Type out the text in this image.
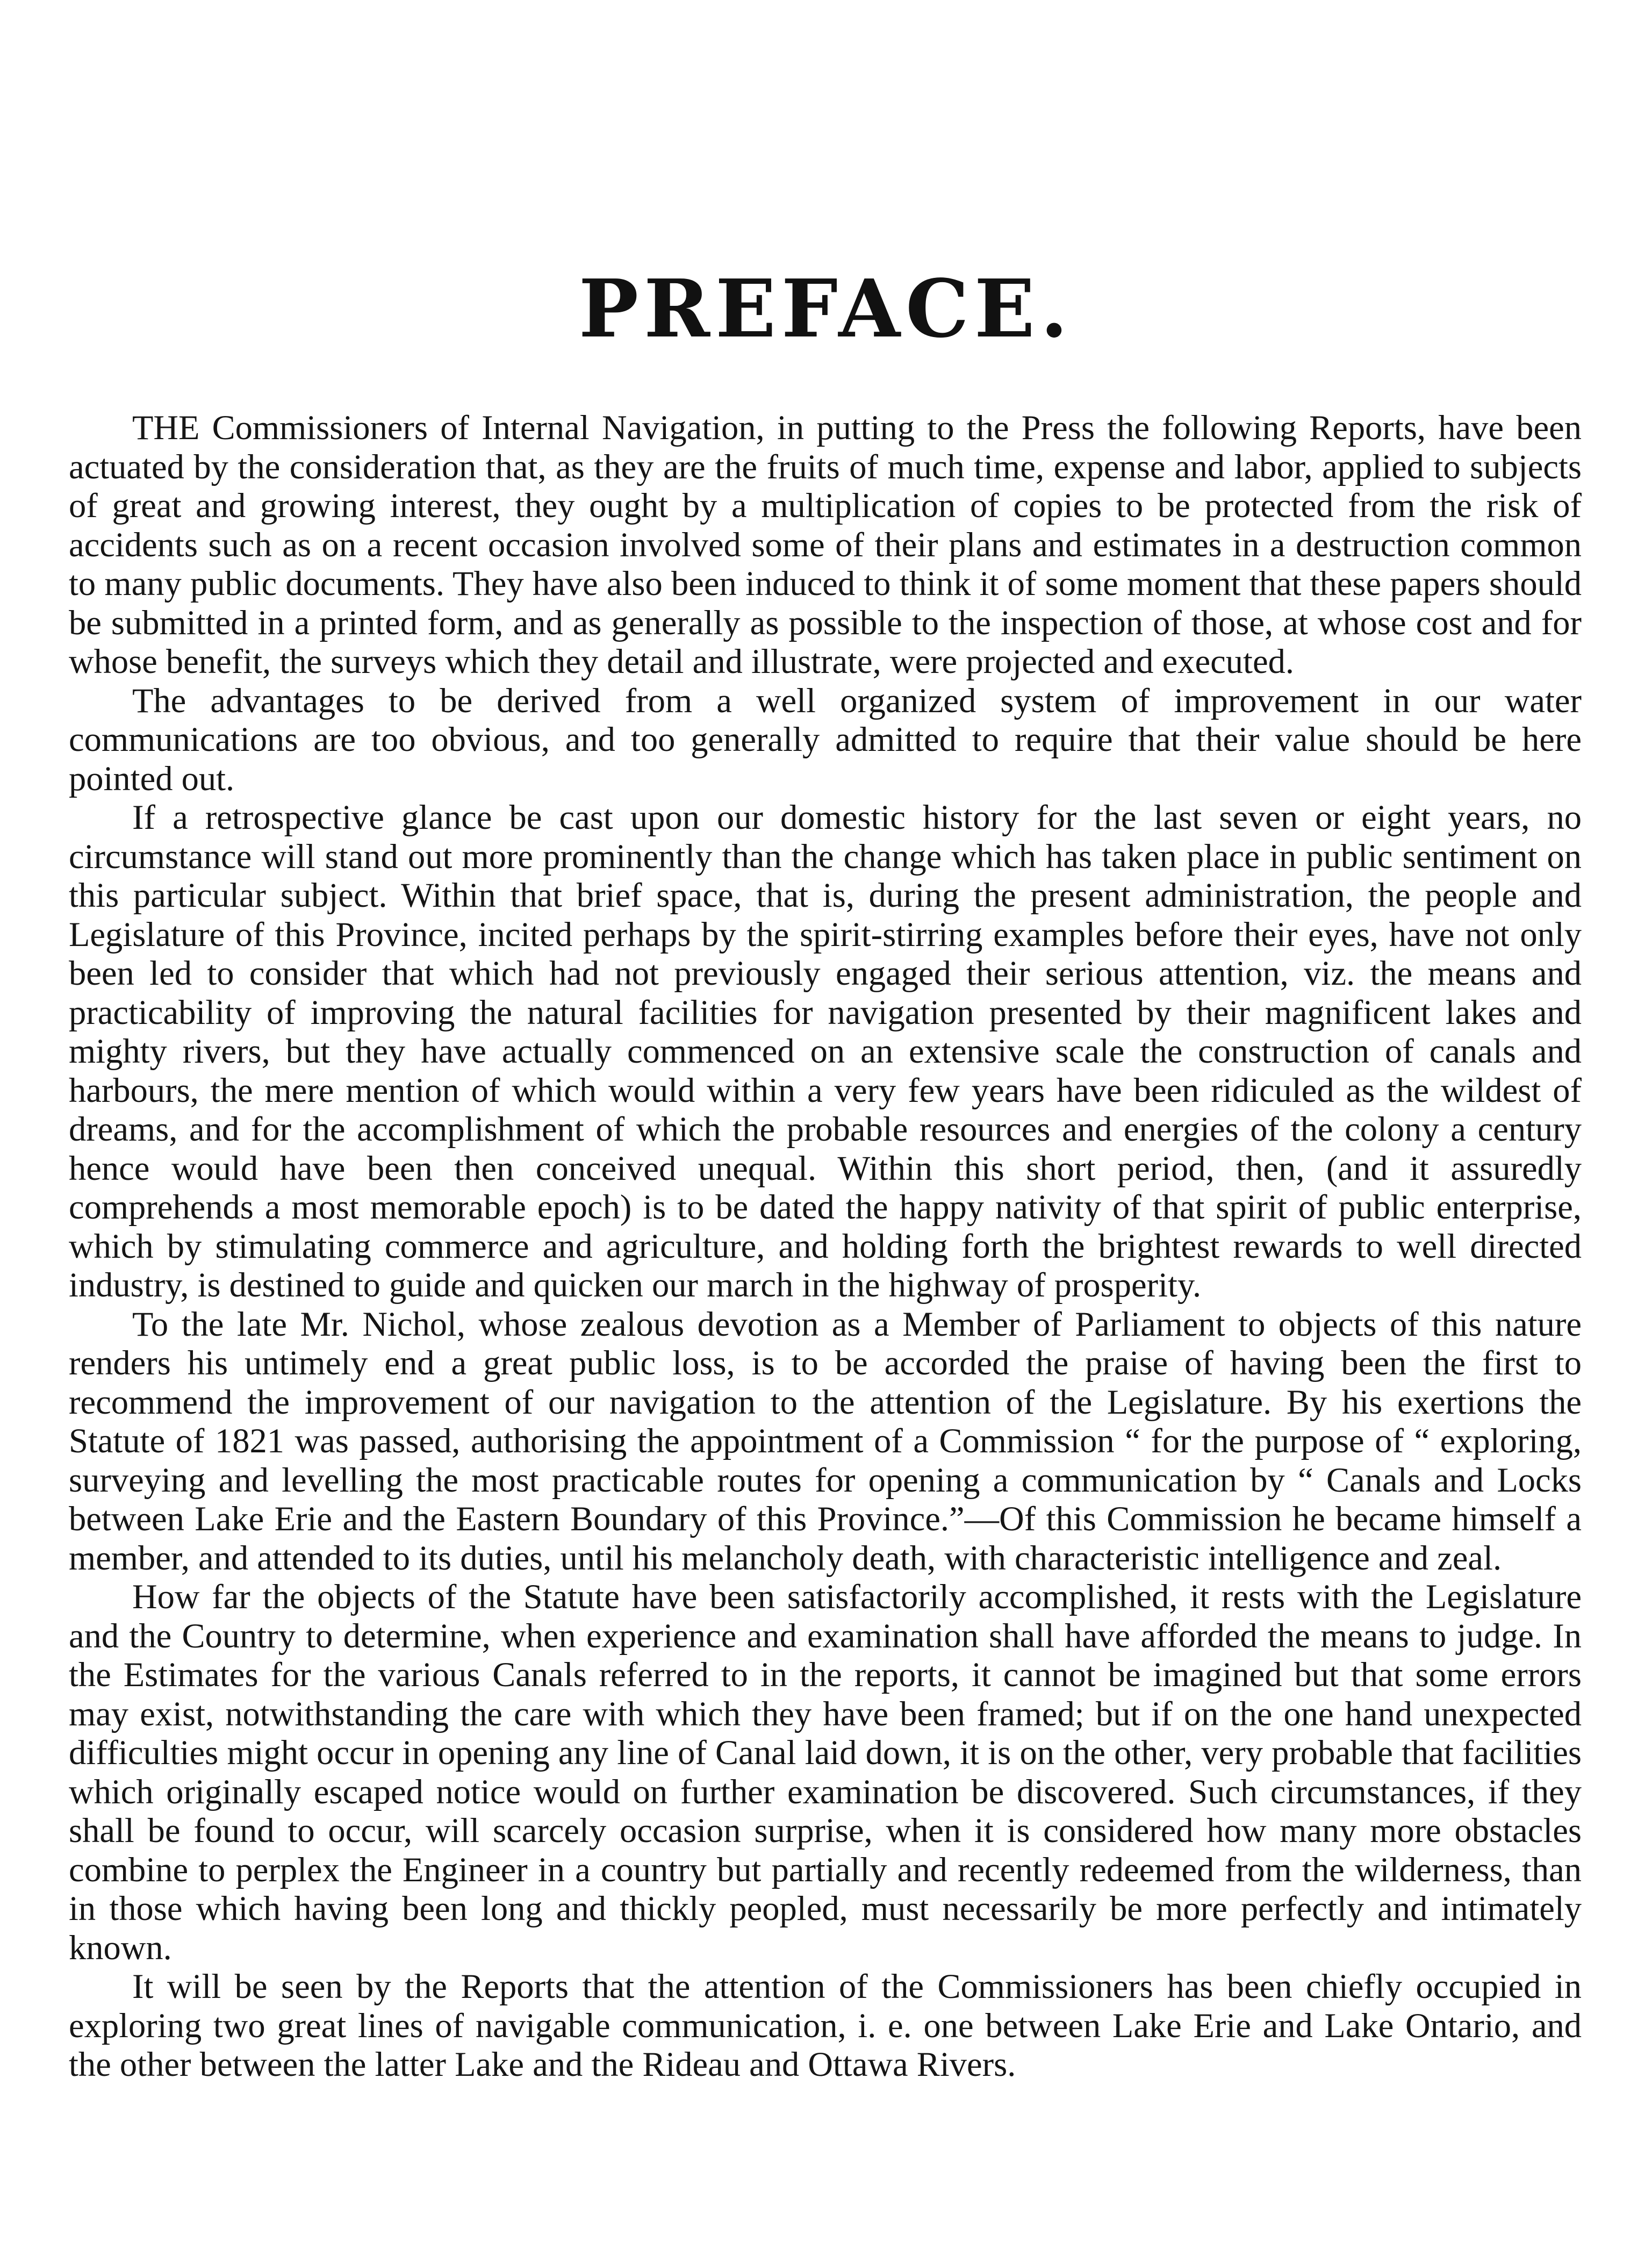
PREFACE.

THE Commissioners of Internal Navigation, in putting to the Press the following Reports, have been actuated by the consideration that, as they are the fruits of much time, expense and labor, applied to subjects of great and growing interest, they ought by a multiplication of copies to be protected from the risk of accidents such as on a recent occasion involved some of their plans and estimates in a destruction common to many public documents. They have also been induced to think it of some moment that these papers should be submitted in a printed form, and as generally as possible to the inspection of those, at whose cost and for whose benefit, the surveys which they detail and illustrate, were projected and executed.

The advantages to be derived from a well organized system of improvement in our water communications are too obvious, and too generally admitted to require that their value should be here pointed out.

If a retrospective glance be cast upon our domestic history for the last seven or eight years, no circumstance will stand out more prominently than the change which has taken place in public sentiment on this particular subject. Within that brief space, that is, during the present administration, the people and Legislature of this Province, incited perhaps by the spirit-stirring examples before their eyes, have not only been led to consider that which had not previously engaged their serious attention, viz. the means and practicability of improving the natural facilities for navigation presented by their magnificent lakes and mighty rivers, but they have actually commenced on an extensive scale the construction of canals and harbours, the mere mention of which would within a very few years have been ridiculed as the wildest of dreams, and for the accomplishment of which the probable resources and energies of the colony a century hence would have been then conceived unequal. Within this short period, then, (and it assuredly comprehends a most memorable epoch) is to be dated the happy nativity of that spirit of public enterprise, which by stimulating commerce and agriculture, and holding forth the brightest rewards to well directed industry, is destined to guide and quicken our march in the highway of prosperity.

To the late Mr. Nichol, whose zealous devotion as a Member of Parliament to objects of this nature renders his untimely end a great public loss, is to be accorded the praise of having been the first to recommend the improvement of our navigation to the attention of the Legislature. By his exertions the Statute of 1821 was passed, authorising the appointment of a Commission “ for the purpose of “ exploring, surveying and levelling the most practicable routes for opening a communication by “ Canals and Locks between Lake Erie and the Eastern Boundary of this Province.”—Of this Commission he became himself a member, and attended to its duties, until his melancholy death, with characteristic intelligence and zeal.

How far the objects of the Statute have been satisfactorily accomplished, it rests with the Legislature and the Country to determine, when experience and examination shall have afforded the means to judge. In the Estimates for the various Canals referred to in the reports, it cannot be imagined but that some errors may exist, notwithstanding the care with which they have been framed; but if on the one hand unexpected difficulties might occur in opening any line of Canal laid down, it is on the other, very probable that facilities which originally escaped notice would on further examination be discovered. Such circumstances, if they shall be found to occur, will scarcely occasion surprise, when it is considered how many more obstacles combine to perplex the Engineer in a country but partially and recently redeemed from the wilderness, than in those which having been long and thickly peopled, must necessarily be more perfectly and intimately known.

It will be seen by the Reports that the attention of the Commissioners has been chiefly occupied in exploring two great lines of navigable communication, i. e. one between Lake Erie and Lake Ontario, and the other between the latter Lake and the Rideau and Ottawa Rivers.
